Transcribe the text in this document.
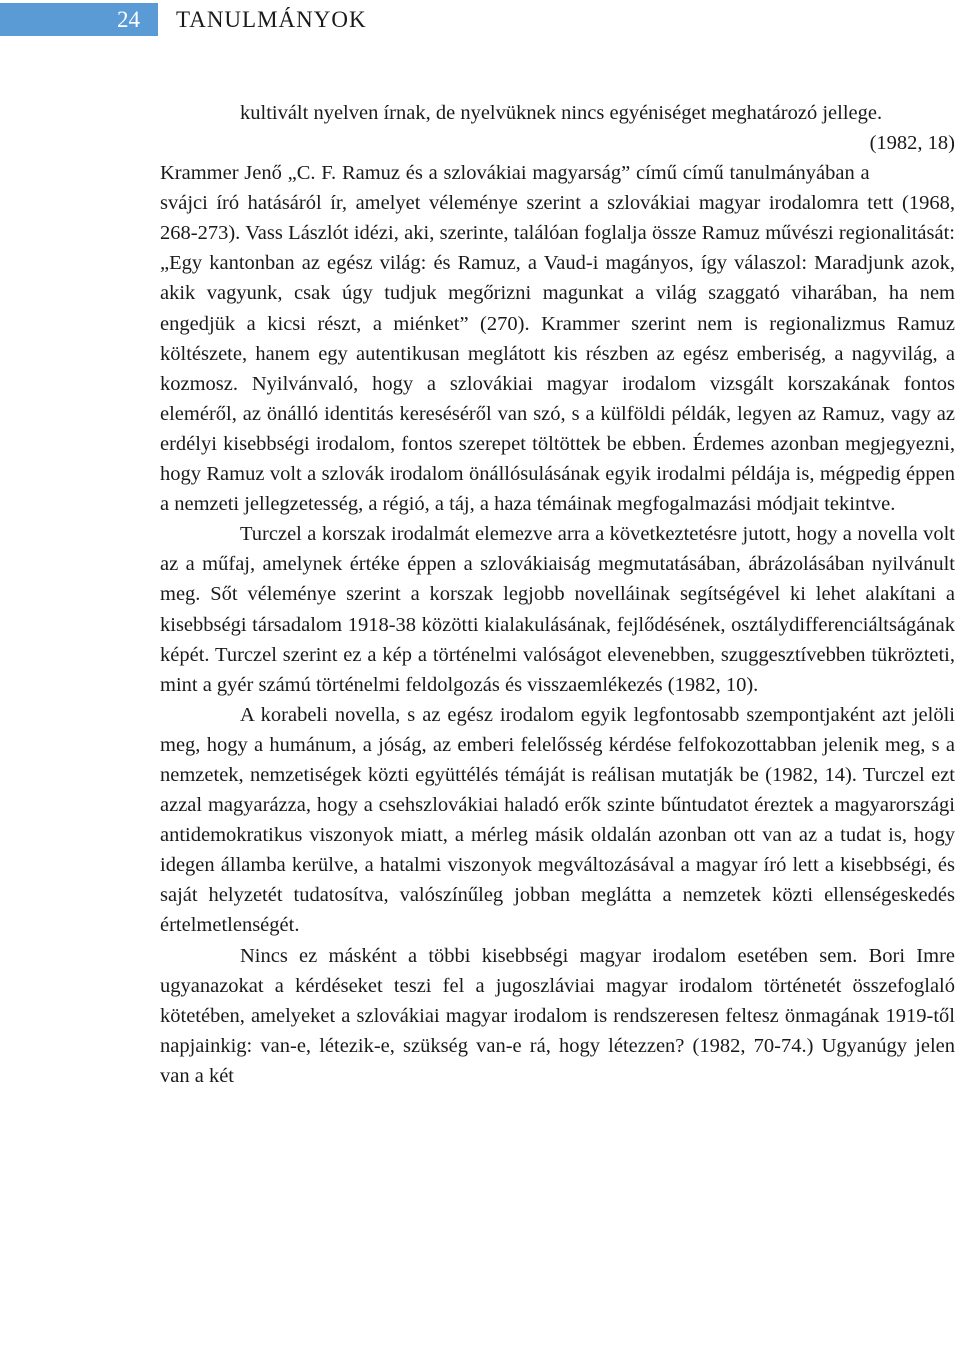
24	TANULMÁNYOK

kultivált nyelven írnak, de nyelvüknek nincs egyéniséget meghatározó jellege.
(1982, 18)

Krammer Jenő „C. F. Ramuz és a szlovákiai magyarság” című című tanulmányában a svájci író hatásáról ír, amelyet véleménye szerint a szlovákiai magyar irodalomra tett (1968, 268-273). Vass Lászlót idézi, aki, szerinte, találóan foglalja össze Ramuz művészi regionalitását: „Egy kantonban az egész világ: és Ramuz, a Vaud-i magányos, így válaszol: Maradjunk azok, akik vagyunk, csak úgy tudjuk megőrizni magunkat a világ szaggató viharában, ha nem engedjük a kicsi részt, a miénket” (270). Krammer szerint nem is regionalizmus Ramuz költészete, hanem egy autentikusan meglátott kis részben az egész emberiség, a nagyvilág, a kozmosz. Nyilvánvaló, hogy a szlovákiai magyar irodalom vizsgált korszakának fontos eleméről, az önálló identitás kereséséről van szó, s a külföldi példák, legyen az Ramuz, vagy az erdélyi kisebbségi irodalom, fontos szerepet töltöttek be ebben. Érdemes azonban megjegyezni, hogy Ramuz volt a szlovák irodalom önállósulásának egyik irodalmi példája is, mégpedig éppen a nemzeti jellegzetesség, a régió, a táj, a haza témáinak megfogalmazási módjait tekintve.

Turczel a korszak irodalmát elemezve arra a következtetésre jutott, hogy a novella volt az a műfaj, amelynek értéke éppen a szlovákiaiság megmutatásában, ábrázolásában nyilvánult meg. Sőt véleménye szerint a korszak legjobb novelláinak segítségével ki lehet alakítani a kisebbségi társadalom 1918-38 közötti kialakulásának, fejlődésének, osztálydifferenciáltságának képét. Turczel szerint ez a kép a történelmi valóságot elevenebben, szuggesztívebben tükrözteti, mint a gyér számú történelmi feldolgozás és visszaemlékezés (1982, 10).

A korabeli novella, s az egész irodalom egyik legfontosabb szempontjaként azt jelöli meg, hogy a humánum, a jóság, az emberi felelősség kérdése felfokozottabban jelenik meg, s a nemzetek, nemzetiségek közti együttélés témáját is reálisan mutatják be (1982, 14). Turczel ezt azzal magyarázza, hogy a csehszlovákiai haladó erők szinte bűntudatot éreztek a magyarországi antidemokratikus viszonyok miatt, a mérleg másik oldalán azonban ott van az a tudat is, hogy idegen államba kerülve, a hatalmi viszonyok megváltozásával a magyar író lett a kisebbségi, és saját helyzetét tudatosítva, valószínűleg jobban meglátta a nemzetek közti ellenségeskedés értelmetlenségét.

Nincs ez másként a többi kisebbségi magyar irodalom esetében sem. Bori Imre ugyanazokat a kérdéseket teszi fel a jugoszláviai magyar irodalom történetét összefoglaló kötetében, amelyeket a szlovákiai magyar irodalom is rendszeresen feltesz önmagának 1919-től napjainkig: van-e, létezik-e, szükség van-e rá, hogy létezzen? (1982, 70-74.) Ugyanúgy jelen van a két
